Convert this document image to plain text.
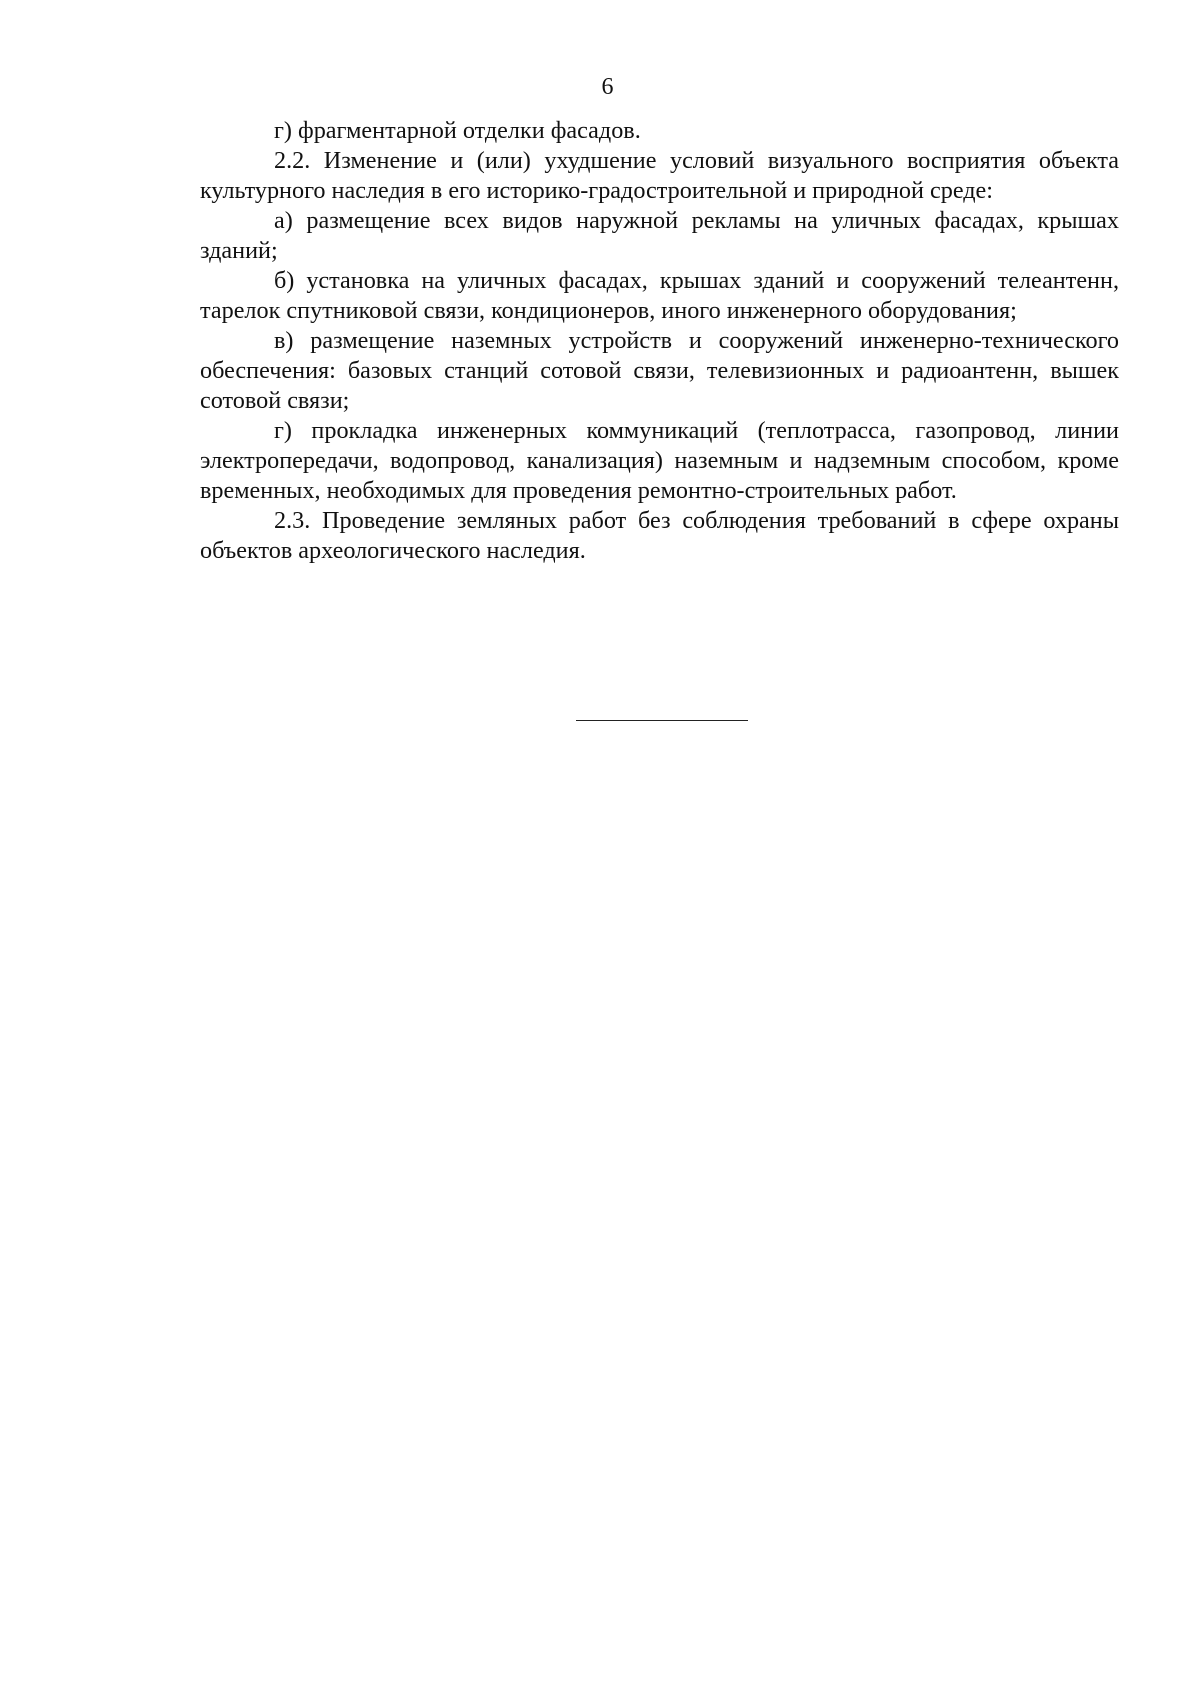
6

г) фрагментарной отделки фасадов.

2.2. Изменение и (или) ухудшение условий визуального восприятия объекта культурного наследия в его историко-градостроительной и природной среде:

а) размещение всех видов наружной рекламы на уличных фасадах, крышах зданий;

б) установка на уличных фасадах, крышах зданий и сооружений телеантенн, тарелок спутниковой связи, кондиционеров, иного инженерного оборудования;

в) размещение наземных устройств и сооружений инженерно-технического обеспечения: базовых станций сотовой связи, телевизионных и радиоантенн, вышек сотовой связи;

г) прокладка инженерных коммуникаций (теплотрасса, газопровод, линии электропередачи, водопровод, канализация) наземным и надземным способом, кроме временных, необходимых для проведения ремонтно-строительных работ.

2.3. Проведение земляных работ без соблюдения требований в сфере охраны объектов археологического наследия.
